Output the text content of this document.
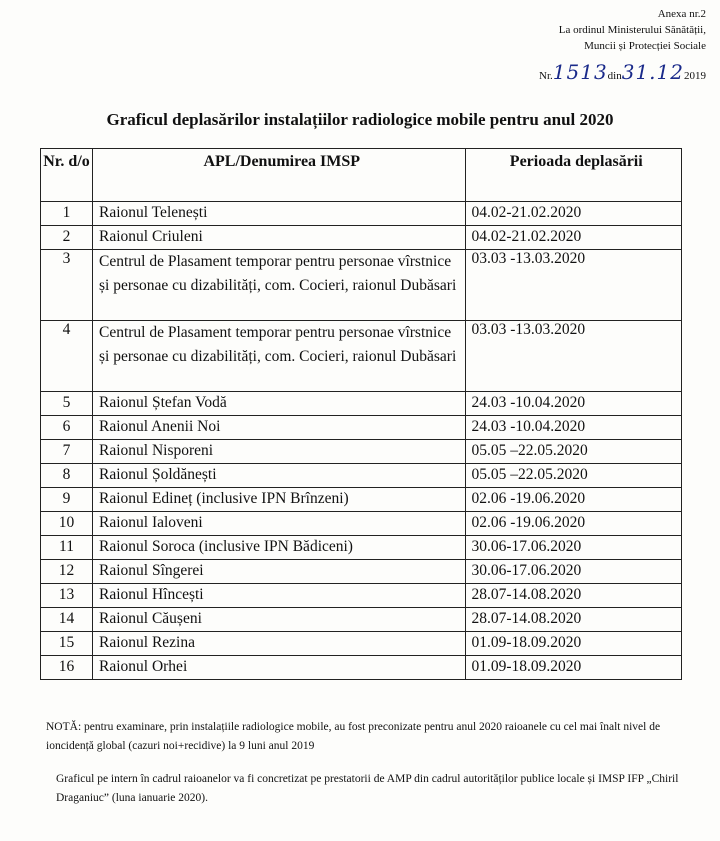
Anexa nr.2
La ordinul Ministerului Sănătății,
Muncii și Protecției Sociale
Nr.1513din31.122019
Graficul deplasărilor instalațiilor radiologice mobile pentru anul 2020
Nr. d/o	APL/Denumirea IMSP	Perioada deplasării
1	Raionul Telenești	04.02-21.02.2020
2	Raionul Criuleni	04.02-21.02.2020
3	Centrul de Plasament temporar pentru personae vîrstnice și personae cu dizabilități, com. Cocieri, raionul Dubăsari	03.03 -13.03.2020
4	Centrul de Plasament temporar pentru personae vîrstnice și personae cu dizabilități, com. Cocieri, raionul Dubăsari	03.03 -13.03.2020
5	Raionul Ștefan Vodă	24.03 -10.04.2020
6	Raionul Anenii Noi	24.03 -10.04.2020
7	Raionul Nisporeni	05.05 –22.05.2020
8	Raionul Șoldănești	05.05 –22.05.2020
9	Raionul Edineț (inclusive IPN Brînzeni)	02.06 -19.06.2020
10	Raionul Ialoveni	02.06 -19.06.2020
11	Raionul Soroca (inclusive IPN Bădiceni)	30.06-17.06.2020
12	Raionul Sîngerei	30.06-17.06.2020
13	Raionul Hîncești	28.07-14.08.2020
14	Raionul Căușeni	28.07-14.08.2020
15	Raionul Rezina	01.09-18.09.2020
16	Raionul Orhei	01.09-18.09.2020
NOTĂ: pentru examinare, prin instalațiile radiologice mobile, au fost preconizate pentru anul 2020 raioanele cu cel mai înalt nivel de ioncidență global (cazuri noi+recidive) la 9 luni anul 2019
Graficul pe intern în cadrul raioanelor va fi concretizat pe prestatorii de AMP din cadrul autorităților publice locale și IMSP IFP „Chiril Draganiuc” (luna ianuarie 2020).
